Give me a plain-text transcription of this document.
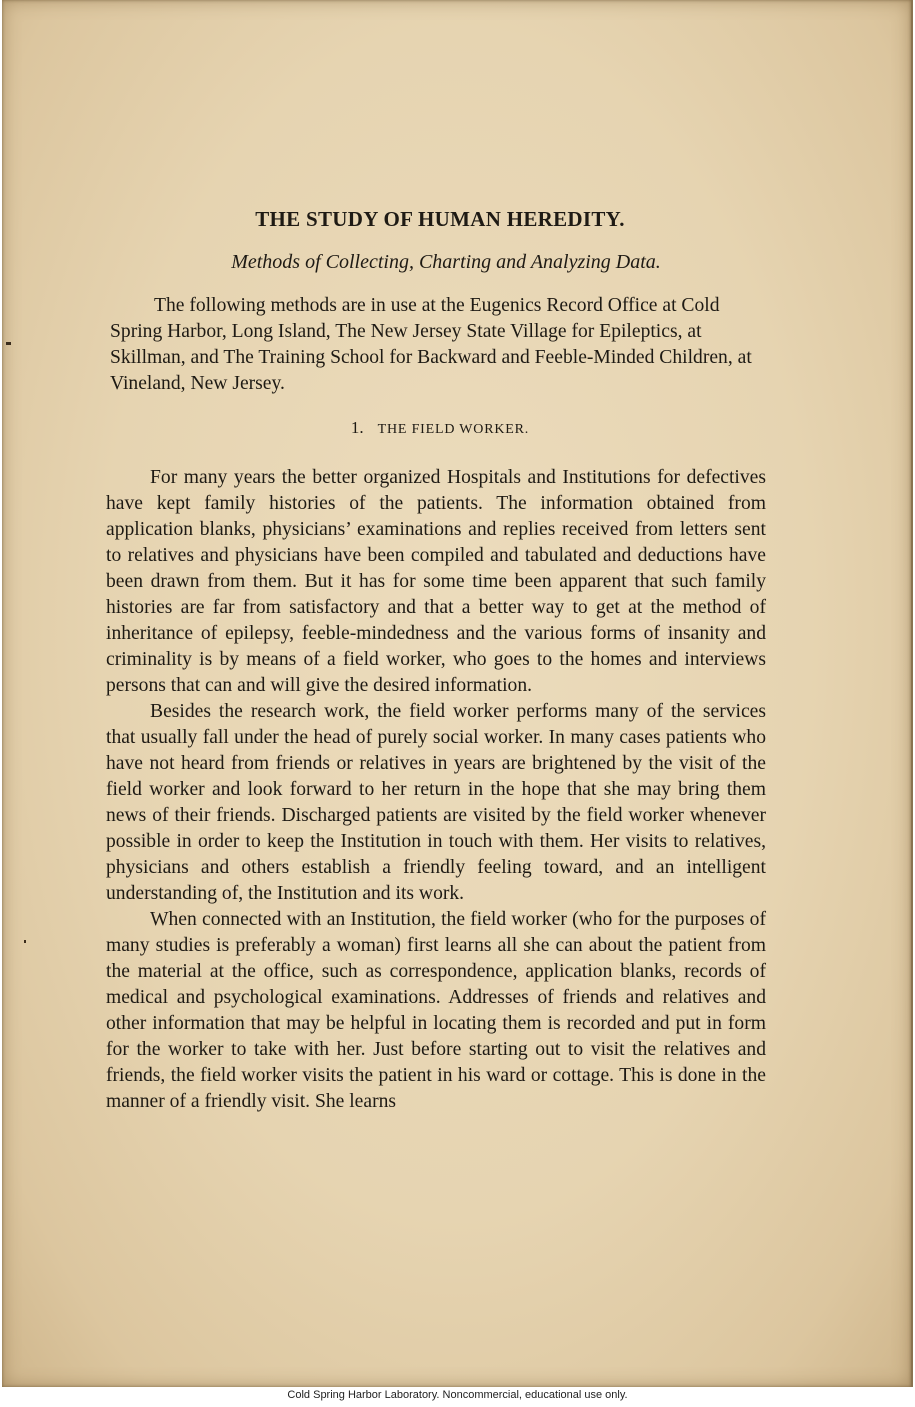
THE STUDY OF HUMAN HEREDITY.
Methods of Collecting, Charting and Analyzing Data.

The following methods are in use at the Eugenics Record Office at Cold Spring Harbor, Long Island, The New Jersey State Village for Epileptics, at Skillman, and The Training School for Backward and Feeble-Minded Children, at Vineland, New Jersey.

1. THE FIELD WORKER.

For many years the better organized Hospitals and Institutions for defectives have kept family histories of the patients. The information obtained from application blanks, physicians’ examinations and replies received from letters sent to relatives and physicians have been compiled and tabulated and deductions have been drawn from them. But it has for some time been apparent that such family histories are far from satisfactory and that a better way to get at the method of inheritance of epilepsy, feeble-mindedness and the various forms of insanity and criminality is by means of a field worker, who goes to the homes and interviews persons that can and will give the desired information.

Besides the research work, the field worker performs many of the services that usually fall under the head of purely social worker. In many cases patients who have not heard from friends or relatives in years are brightened by the visit of the field worker and look forward to her return in the hope that she may bring them news of their friends. Discharged patients are visited by the field worker whenever possible in order to keep the Institution in touch with them. Her visits to relatives, physicians and others establish a friendly feeling toward, and an intelligent understanding of, the Institution and its work.

When connected with an Institution, the field worker (who for the purposes of many studies is preferably a woman) first learns all she can about the patient from the material at the office, such as correspondence, application blanks, records of medical and psychological examinations. Addresses of friends and relatives and other information that may be helpful in locating them is recorded and put in form for the worker to take with her. Just before starting out to visit the relatives and friends, the field worker visits the patient in his ward or cottage. This is done in the manner of a friendly visit. She learns

Cold Spring Harbor Laboratory. Noncommercial, educational use only.
